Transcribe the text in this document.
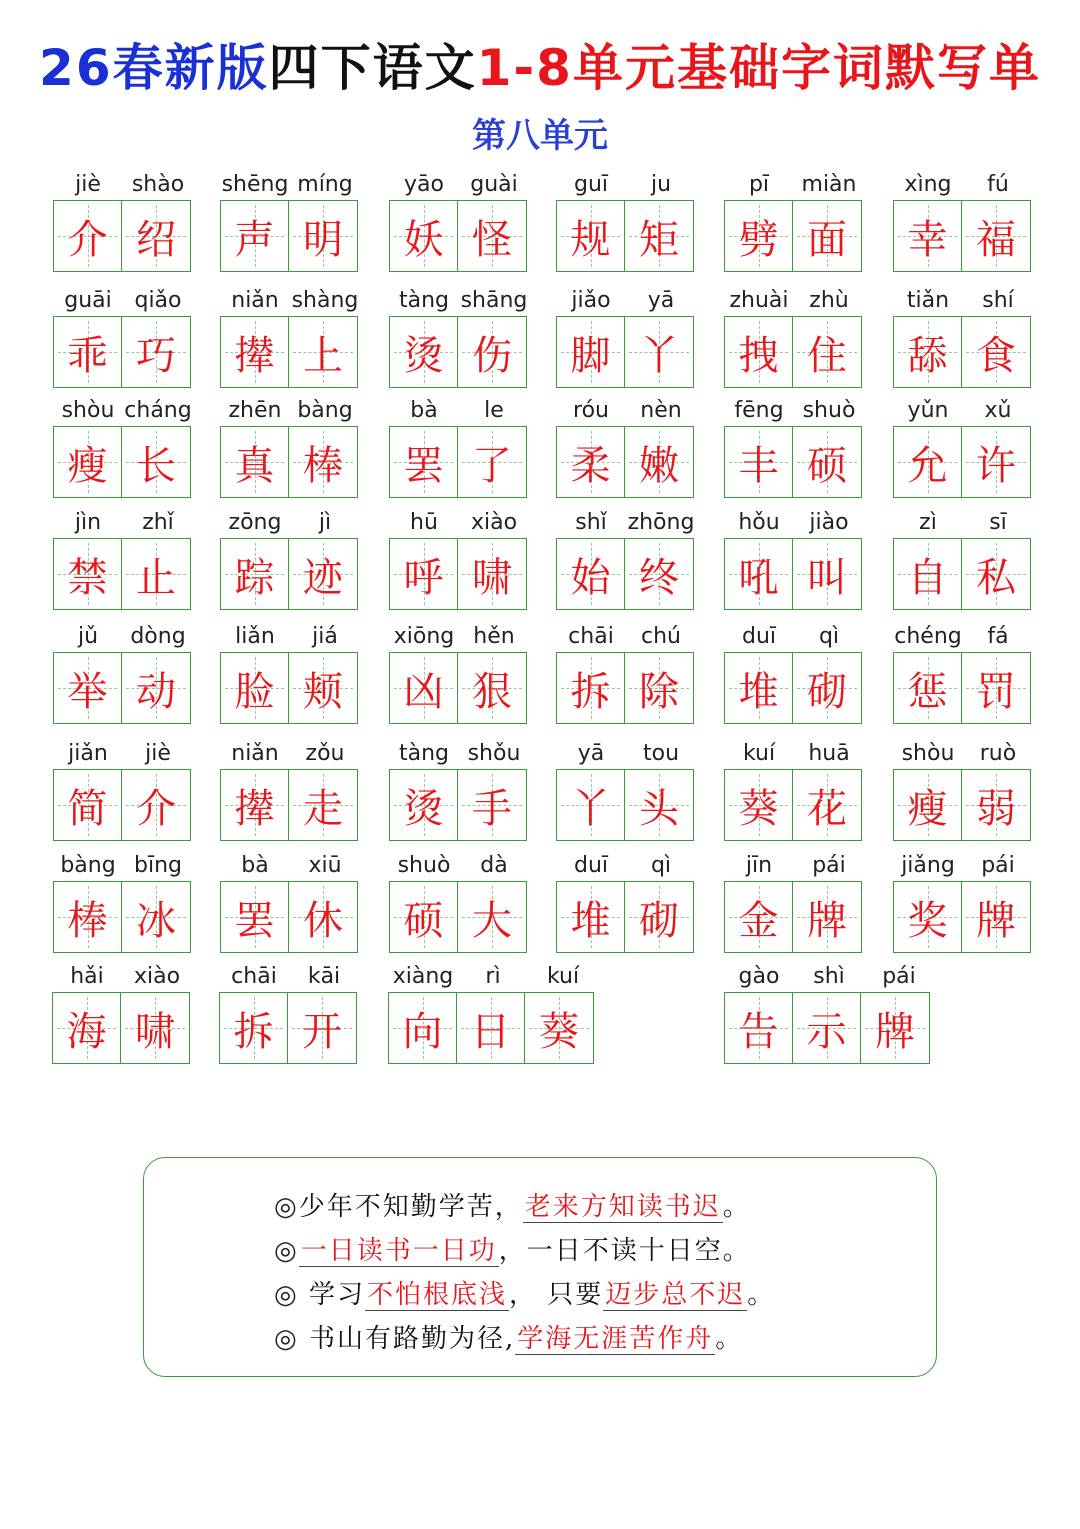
26春新版四下语文1-8单元基础字词默写单
第八单元
jiè	shào
介 绍
shēng míng
声 明
yāo	guài
妖 怪
guī	ju
规 矩
pī	miàn
劈 面
xìng	fú
幸 福
guāi	qiǎo
乖 巧
niǎn shàng
撵 上
tàng shāng
烫 伤
jiǎo	yā
脚 丫
zhuài zhù
拽 住
tiǎn	shí
舔 食
shòu cháng
瘦 长
zhēn bàng
真 棒
bà	le
罢 了
róu	nèn
柔 嫩
fēng shuò
丰 硕
yǔn	xǔ
允 许
jìn	zhǐ
禁 止
zōng	jì
踪 迹
hū	xiào
呼 啸
shǐ zhōng
始 终
hǒu	jiào
吼 叫
zì	sī
自 私
jǔ	dòng
举 动
liǎn	jiá
脸 颊
xiōng hěn
凶 狠
chāi	chú
拆 除
duī	qì
堆 砌
chéng	fá
惩 罚
jiǎn	jiè
简 介
niǎn	zǒu
撵 走
tàng shǒu
烫 手
yā	tou
丫 头
kuí	huā
葵 花
shòu	ruò
瘦 弱
bàng bīng
棒 冰
bà	xiū
罢 休
shuò	dà
硕 大
duī	qì
堆 砌
jīn	pái
金 牌
jiǎng	pái
奖 牌
hǎi	xiào
海 啸
chāi	kāi
拆 开
xiàng	rì	kuí
向 日 葵
gào	shì	pái
告 示 牌
◎少年不知勤学苦，老来方知读书迟。
◎一日读书一日功，一日不读十日空。
◎ 学习不怕根底浅， 只要迈步总不迟。
◎ 书山有路勤为径,学海无涯苦作舟。
